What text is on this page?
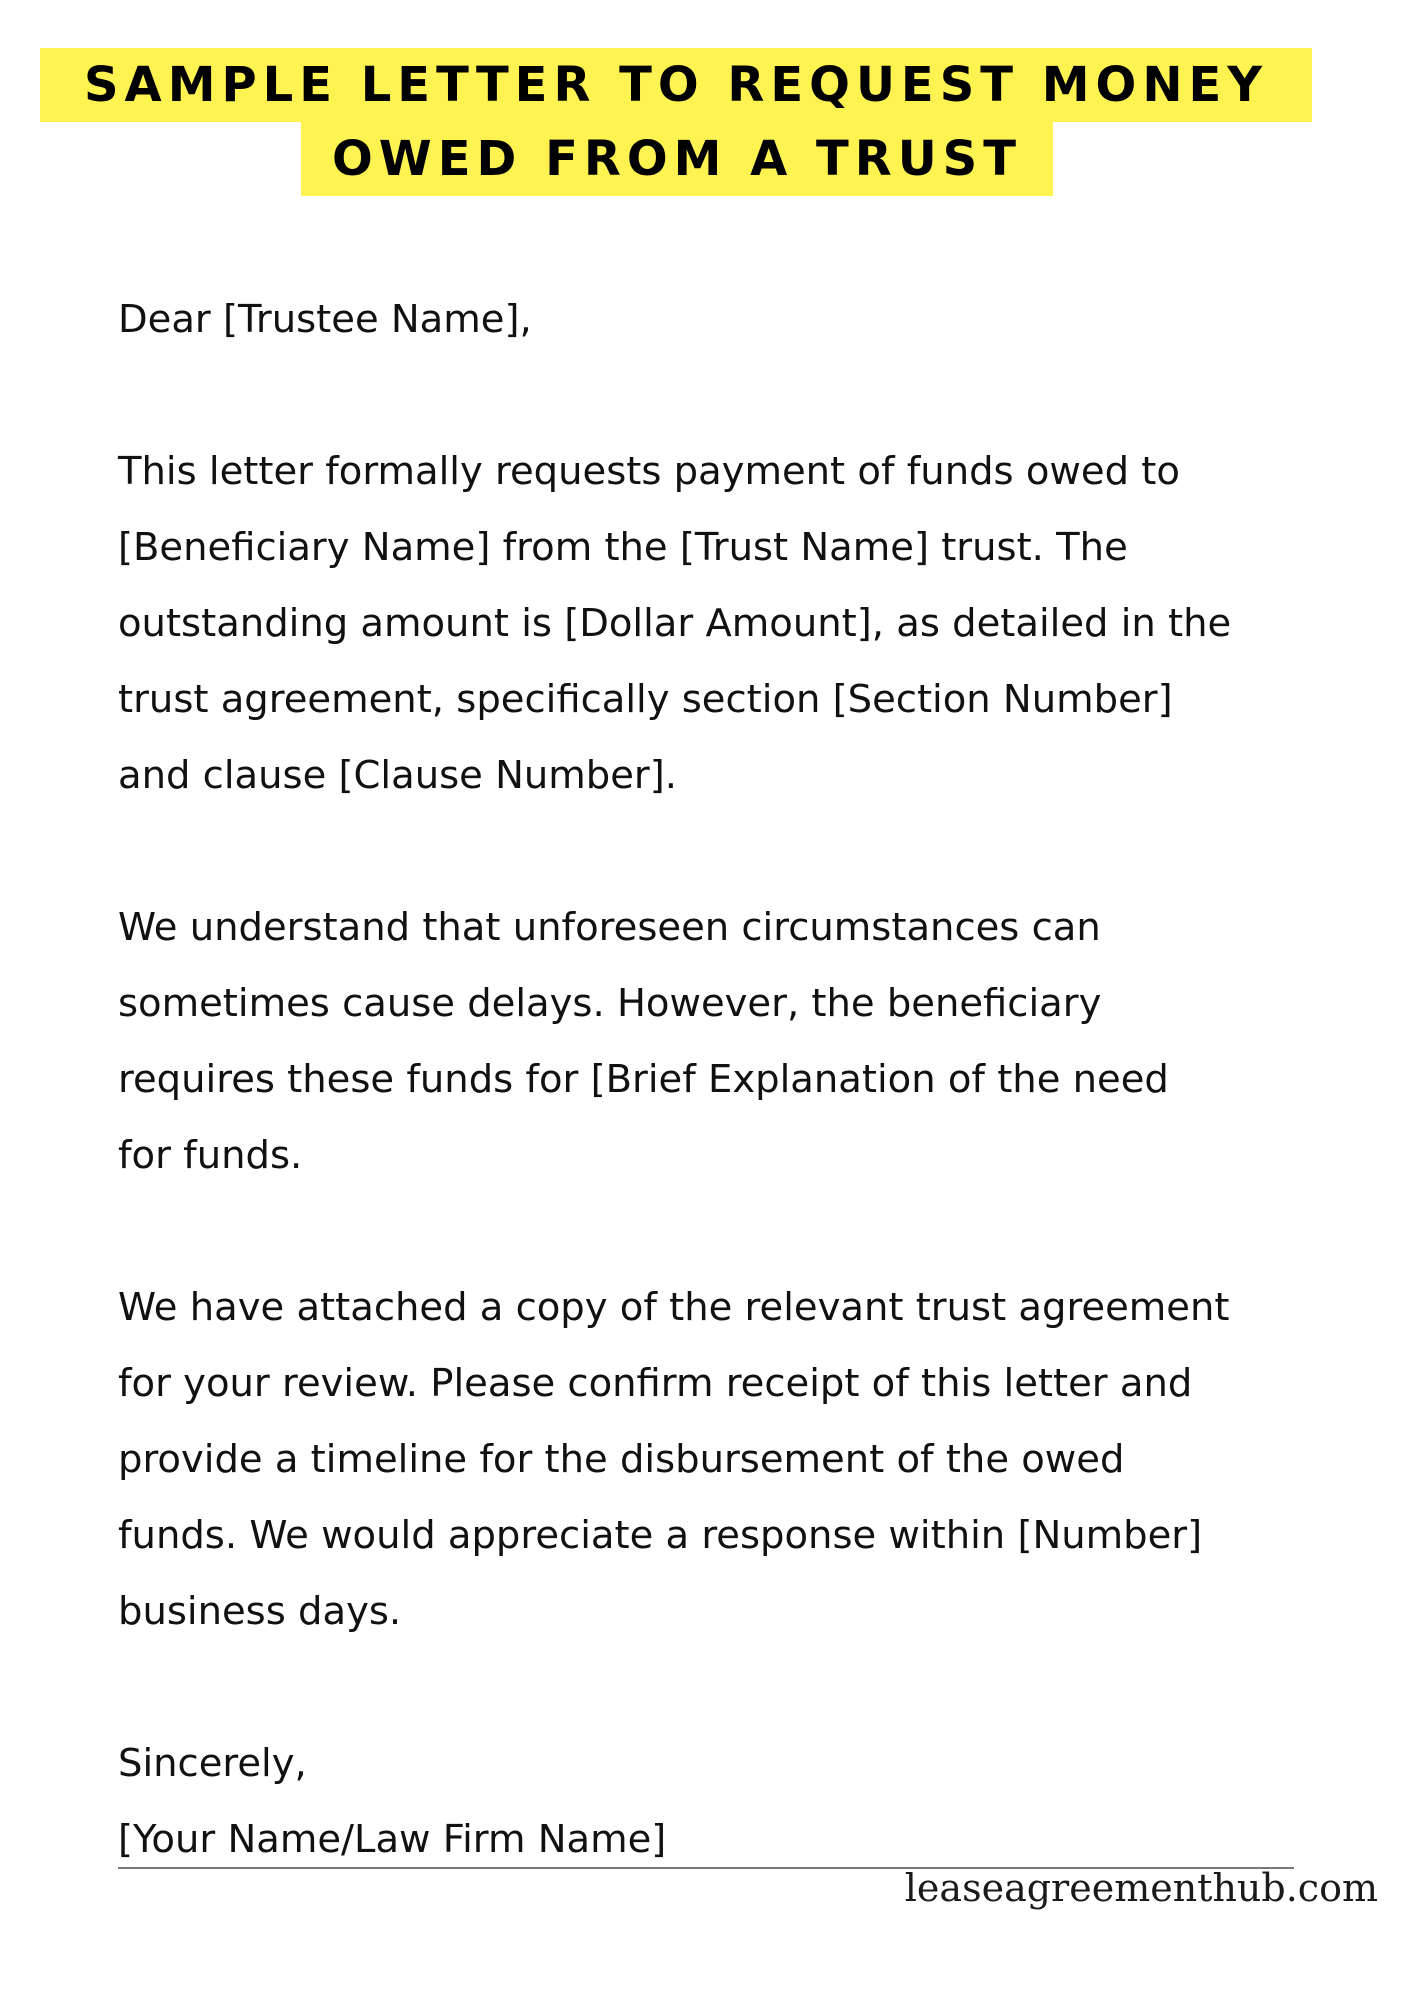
SAMPLE LETTER TO REQUEST MONEY
OWED FROM A TRUST

Dear [Trustee Name],

This letter formally requests payment of funds owed to
[Beneficiary Name] from the [Trust Name] trust. The
outstanding amount is [Dollar Amount], as detailed in the
trust agreement, specifically section [Section Number]
and clause [Clause Number].

We understand that unforeseen circumstances can
sometimes cause delays. However, the beneficiary
requires these funds for [Brief Explanation of the need
for funds.

We have attached a copy of the relevant trust agreement
for your review. Please confirm receipt of this letter and
provide a timeline for the disbursement of the owed
funds. We would appreciate a response within [Number]
business days.

Sincerely,

[Your Name/Law Firm Name]
leaseagreementhub.com
